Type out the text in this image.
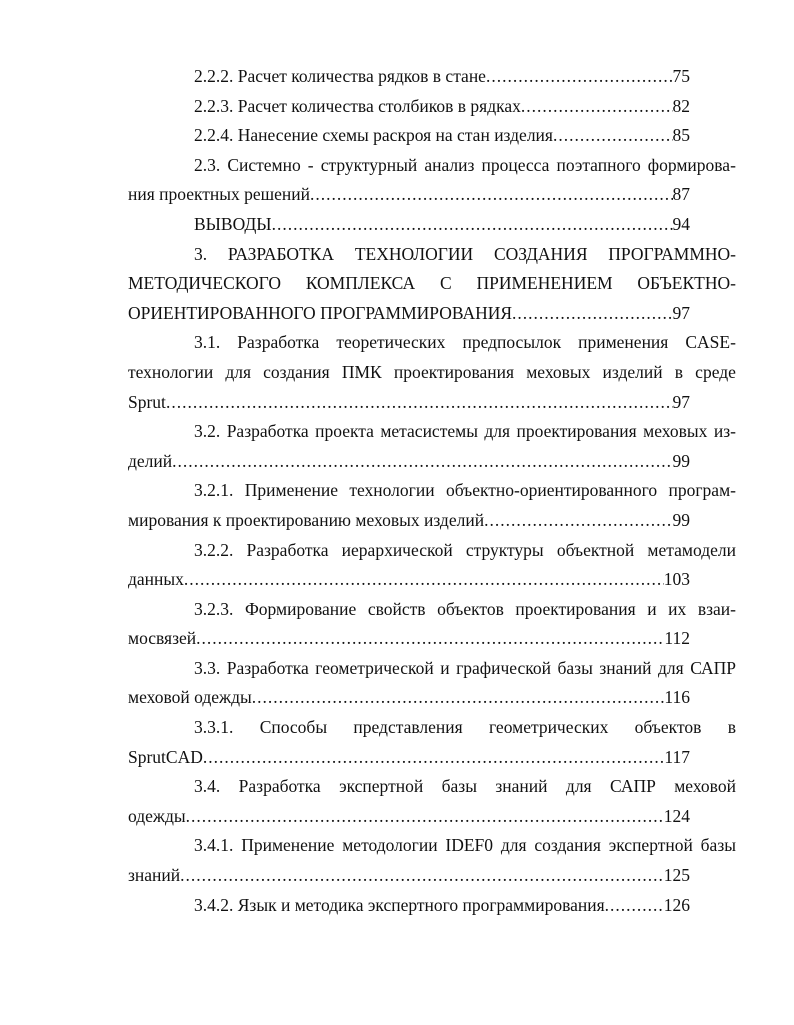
2.2.2. Расчет количества рядков в стане .....	75
2.2.3. Расчет количества столбиков в рядках .....	82
2.2.4. Нанесение схемы раскроя на стан изделия .....	85
2.3. Системно - структурный анализ процесса поэтапного формирова-
ния проектных решений .....	87
ВЫВОДЫ .....	94
3. РАЗРАБОТКА ТЕХНОЛОГИИ СОЗДАНИЯ ПРОГРАММНО-
МЕТОДИЧЕСКОГО КОМПЛЕКСА С ПРИМЕНЕНИЕМ ОБЪЕКТНО-
ОРИЕНТИРОВАННОГО ПРОГРАММИРОВАНИЯ .....	97
3.1. Разработка теоретических предпосылок применения CASE-
технологии для создания ПМК проектирования меховых изделий в среде
Sprut .....	97
3.2. Разработка проекта метасистемы для проектирования меховых из-
делий .....	99
3.2.1. Применение технологии объектно-ориентированного програм-
мирования к проектированию меховых изделий .....	99
3.2.2. Разработка иерархической структуры объектной метамодели
данных .....	103
3.2.3. Формирование свойств объектов проектирования и их взаи-
мосвязей .....	112
3.3. Разработка геометрической и графической базы знаний для САПР
меховой одежды .....	116
3.3.1. Способы представления геометрических объектов в
SprutCAD .....	117
3.4. Разработка экспертной базы знаний для САПР меховой
одежды .....	124
3.4.1. Применение методологии IDEF0 для создания экспертной базы
знаний .....	125
3.4.2. Язык и методика экспертного программирования .....	126
